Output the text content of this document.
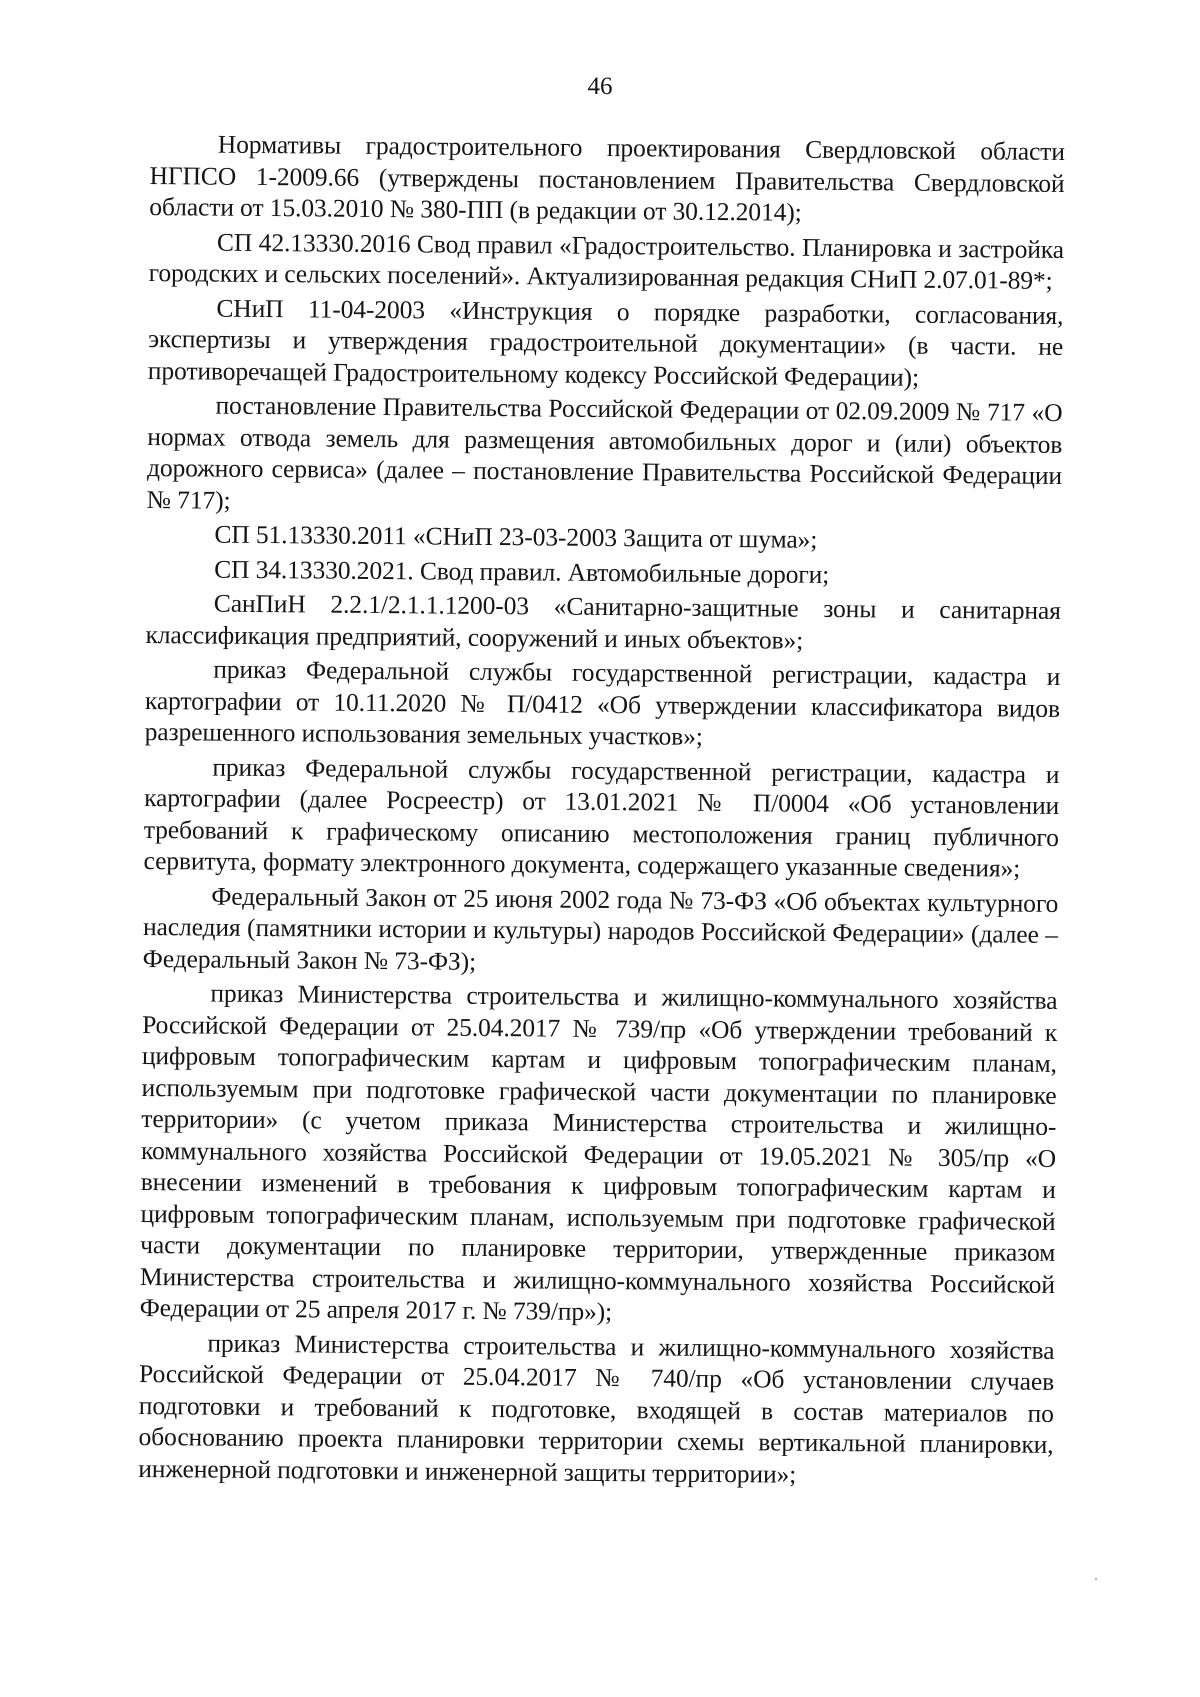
46

Нормативы градостроительного проектирования Свердловской области НГПСО 1-2009.66 (утверждены постановлением Правительства Свердловской области от 15.03.2010 № 380-ПП (в редакции от 30.12.2014);

СП 42.13330.2016 Свод правил «Градостроительство. Планировка и застройка городских и сельских поселений». Актуализированная редакция СНиП 2.07.01-89*;

СНиП 11-04-2003 «Инструкция о порядке разработки, согласования, экспертизы и утверждения градостроительной документации» (в части. не противоречащей Градостроительному кодексу Российской Федерации);

постановление Правительства Российской Федерации от 02.09.2009 № 717 «О нормах отвода земель для размещения автомобильных дорог и (или) объектов дорожного сервиса» (далее – постановление Правительства Российской Федерации № 717);

СП 51.13330.2011 «СНиП 23-03-2003 Защита от шума»;

СП 34.13330.2021. Свод правил. Автомобильные дороги;

СанПиН 2.2.1/2.1.1.1200-03 «Санитарно-защитные зоны и санитарная классификация предприятий, сооружений и иных объектов»;

приказ Федеральной службы государственной регистрации, кадастра и картографии от 10.11.2020 № П/0412 «Об утверждении классификатора видов разрешенного использования земельных участков»;

приказ Федеральной службы государственной регистрации, кадастра и картографии (далее Росреестр) от 13.01.2021 № П/0004 «Об установлении требований к графическому описанию местоположения границ публичного сервитута, формату электронного документа, содержащего указанные сведения»;

Федеральный Закон от 25 июня 2002 года № 73-ФЗ «Об объектах культурного наследия (памятники истории и культуры) народов Российской Федерации» (далее – Федеральный Закон № 73-ФЗ);

приказ Министерства строительства и жилищно-коммунального хозяйства Российской Федерации от 25.04.2017 № 739/пр «Об утверждении требований к цифровым топографическим картам и цифровым топографическим планам, используемым при подготовке графической части документации по планировке территории» (с учетом приказа Министерства строительства и жилищно-коммунального хозяйства Российской Федерации от 19.05.2021 № 305/пр «О внесении изменений в требования к цифровым топографическим картам и цифровым топографическим планам, используемым при подготовке графической части документации по планировке территории, утвержденные приказом Министерства строительства и жилищно-коммунального хозяйства Российской Федерации от 25 апреля 2017 г. № 739/пр»);

приказ Министерства строительства и жилищно-коммунального хозяйства Российской Федерации от 25.04.2017 № 740/пр «Об установлении случаев подготовки и требований к подготовке, входящей в состав материалов по обоснованию проекта планировки территории схемы вертикальной планировки, инженерной подготовки и инженерной защиты территории»;
